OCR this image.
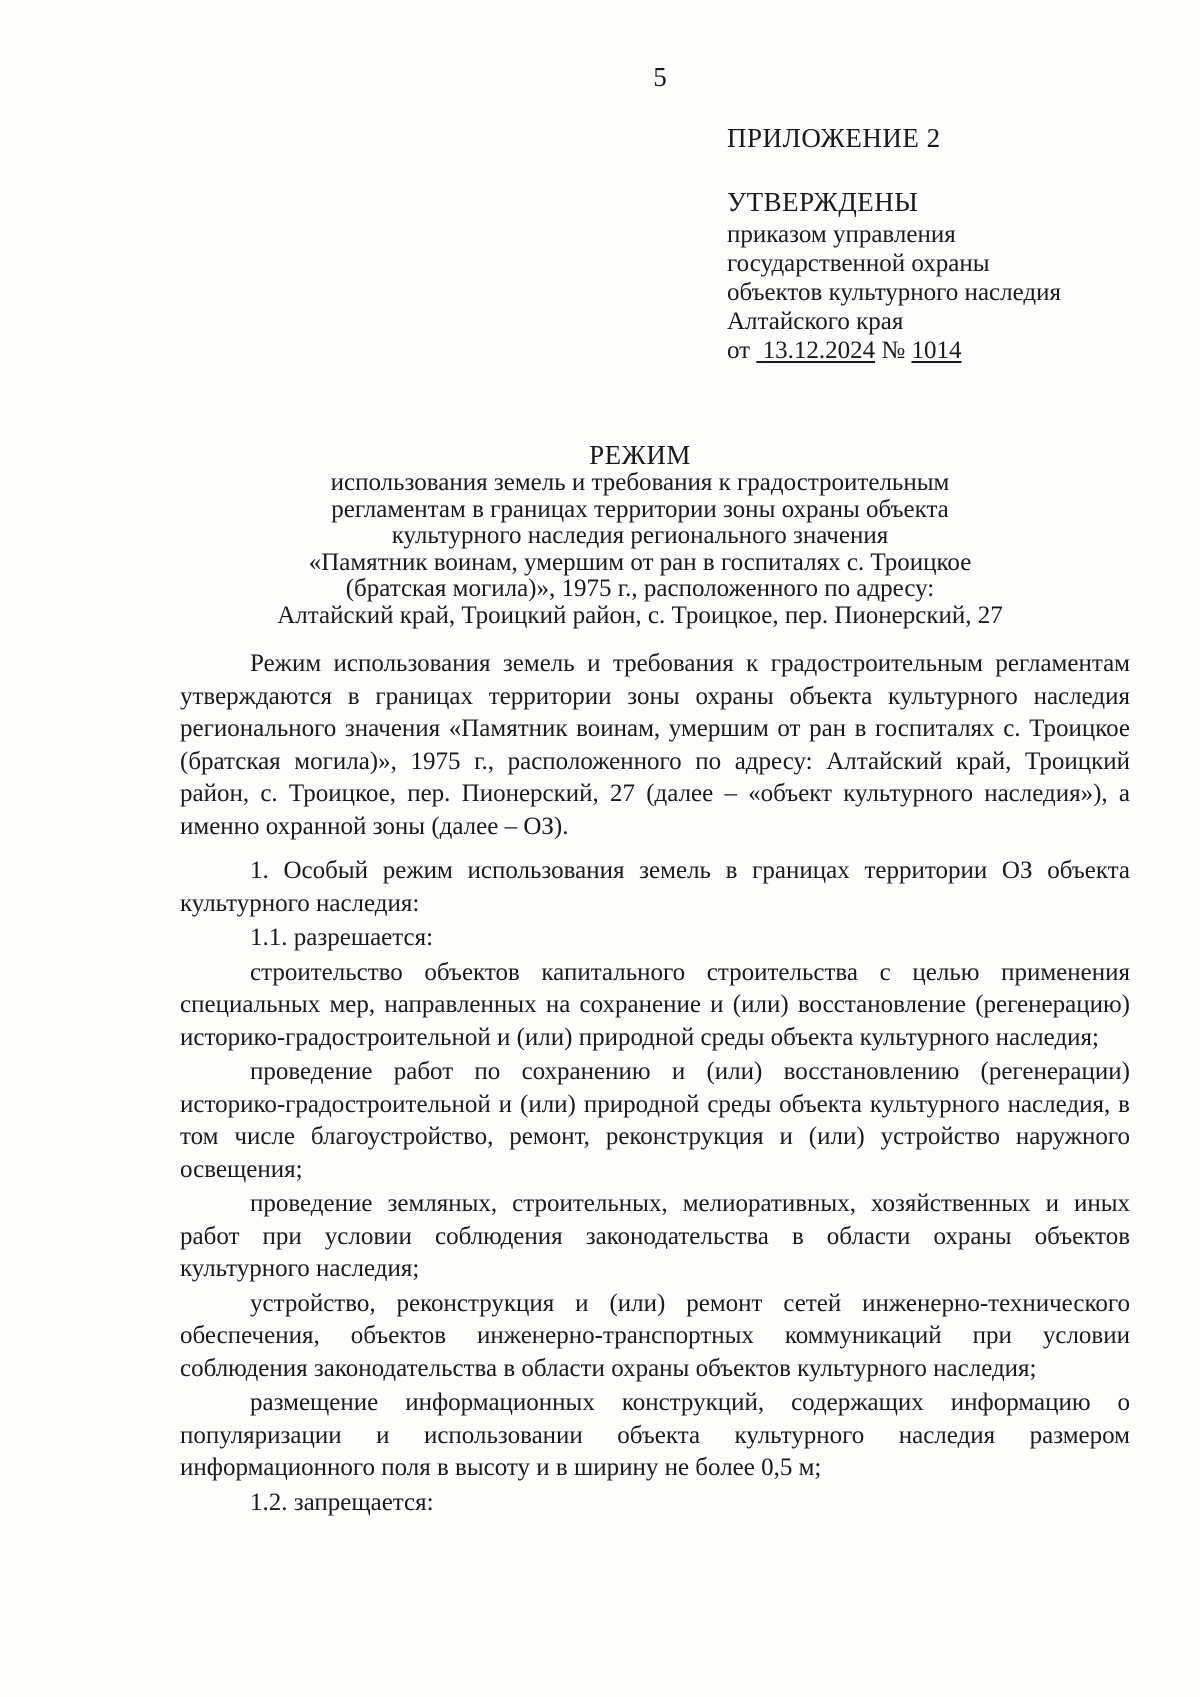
5
ПРИЛОЖЕНИЕ 2
УТВЕРЖДЕНЫ
приказом управления
государственной охраны
объектов культурного наследия
Алтайского края
от 13.12.2024 № 1014
РЕЖИМ
использования земель и требования к градостроительным
регламентам в границах территории зоны охраны объекта
культурного наследия регионального значения
«Памятник воинам, умершим от ран в госпиталях с. Троицкое
(братская могила)», 1975 г., расположенного по адресу:
Алтайский край, Троицкий район, с. Троицкое, пер. Пионерский, 27

Режим использования земель и требования к градостроительным регламентам утверждаются в границах территории зоны охраны объекта культурного наследия регионального значения «Памятник воинам, умершим от ран в госпиталях с. Троицкое (братская могила)», 1975 г., расположенного по адресу: Алтайский край, Троицкий район, с. Троицкое, пер. Пионерский, 27 (далее – «объект культурного наследия»), а именно охранной зоны (далее – ОЗ).

1. Особый режим использования земель в границах территории ОЗ объекта культурного наследия:

1.1. разрешается:

строительство объектов капитального строительства с целью применения специальных мер, направленных на сохранение и (или) восстановление (регенерацию) историко-градостроительной и (или) природной среды объекта культурного наследия;

проведение работ по сохранению и (или) восстановлению (регенерации) историко-градостроительной и (или) природной среды объекта культурного наследия, в том числе благоустройство, ремонт, реконструкция и (или) устройство наружного освещения;

проведение земляных, строительных, мелиоративных, хозяйственных и иных работ при условии соблюдения законодательства в области охраны объектов культурного наследия;

устройство, реконструкция и (или) ремонт сетей инженерно-технического обеспечения, объектов инженерно-транспортных коммуникаций при условии соблюдения законодательства в области охраны объектов культурного наследия;

размещение информационных конструкций, содержащих информацию о популяризации и использовании объекта культурного наследия размером информационного поля в высоту и в ширину не более 0,5 м;

1.2. запрещается:
